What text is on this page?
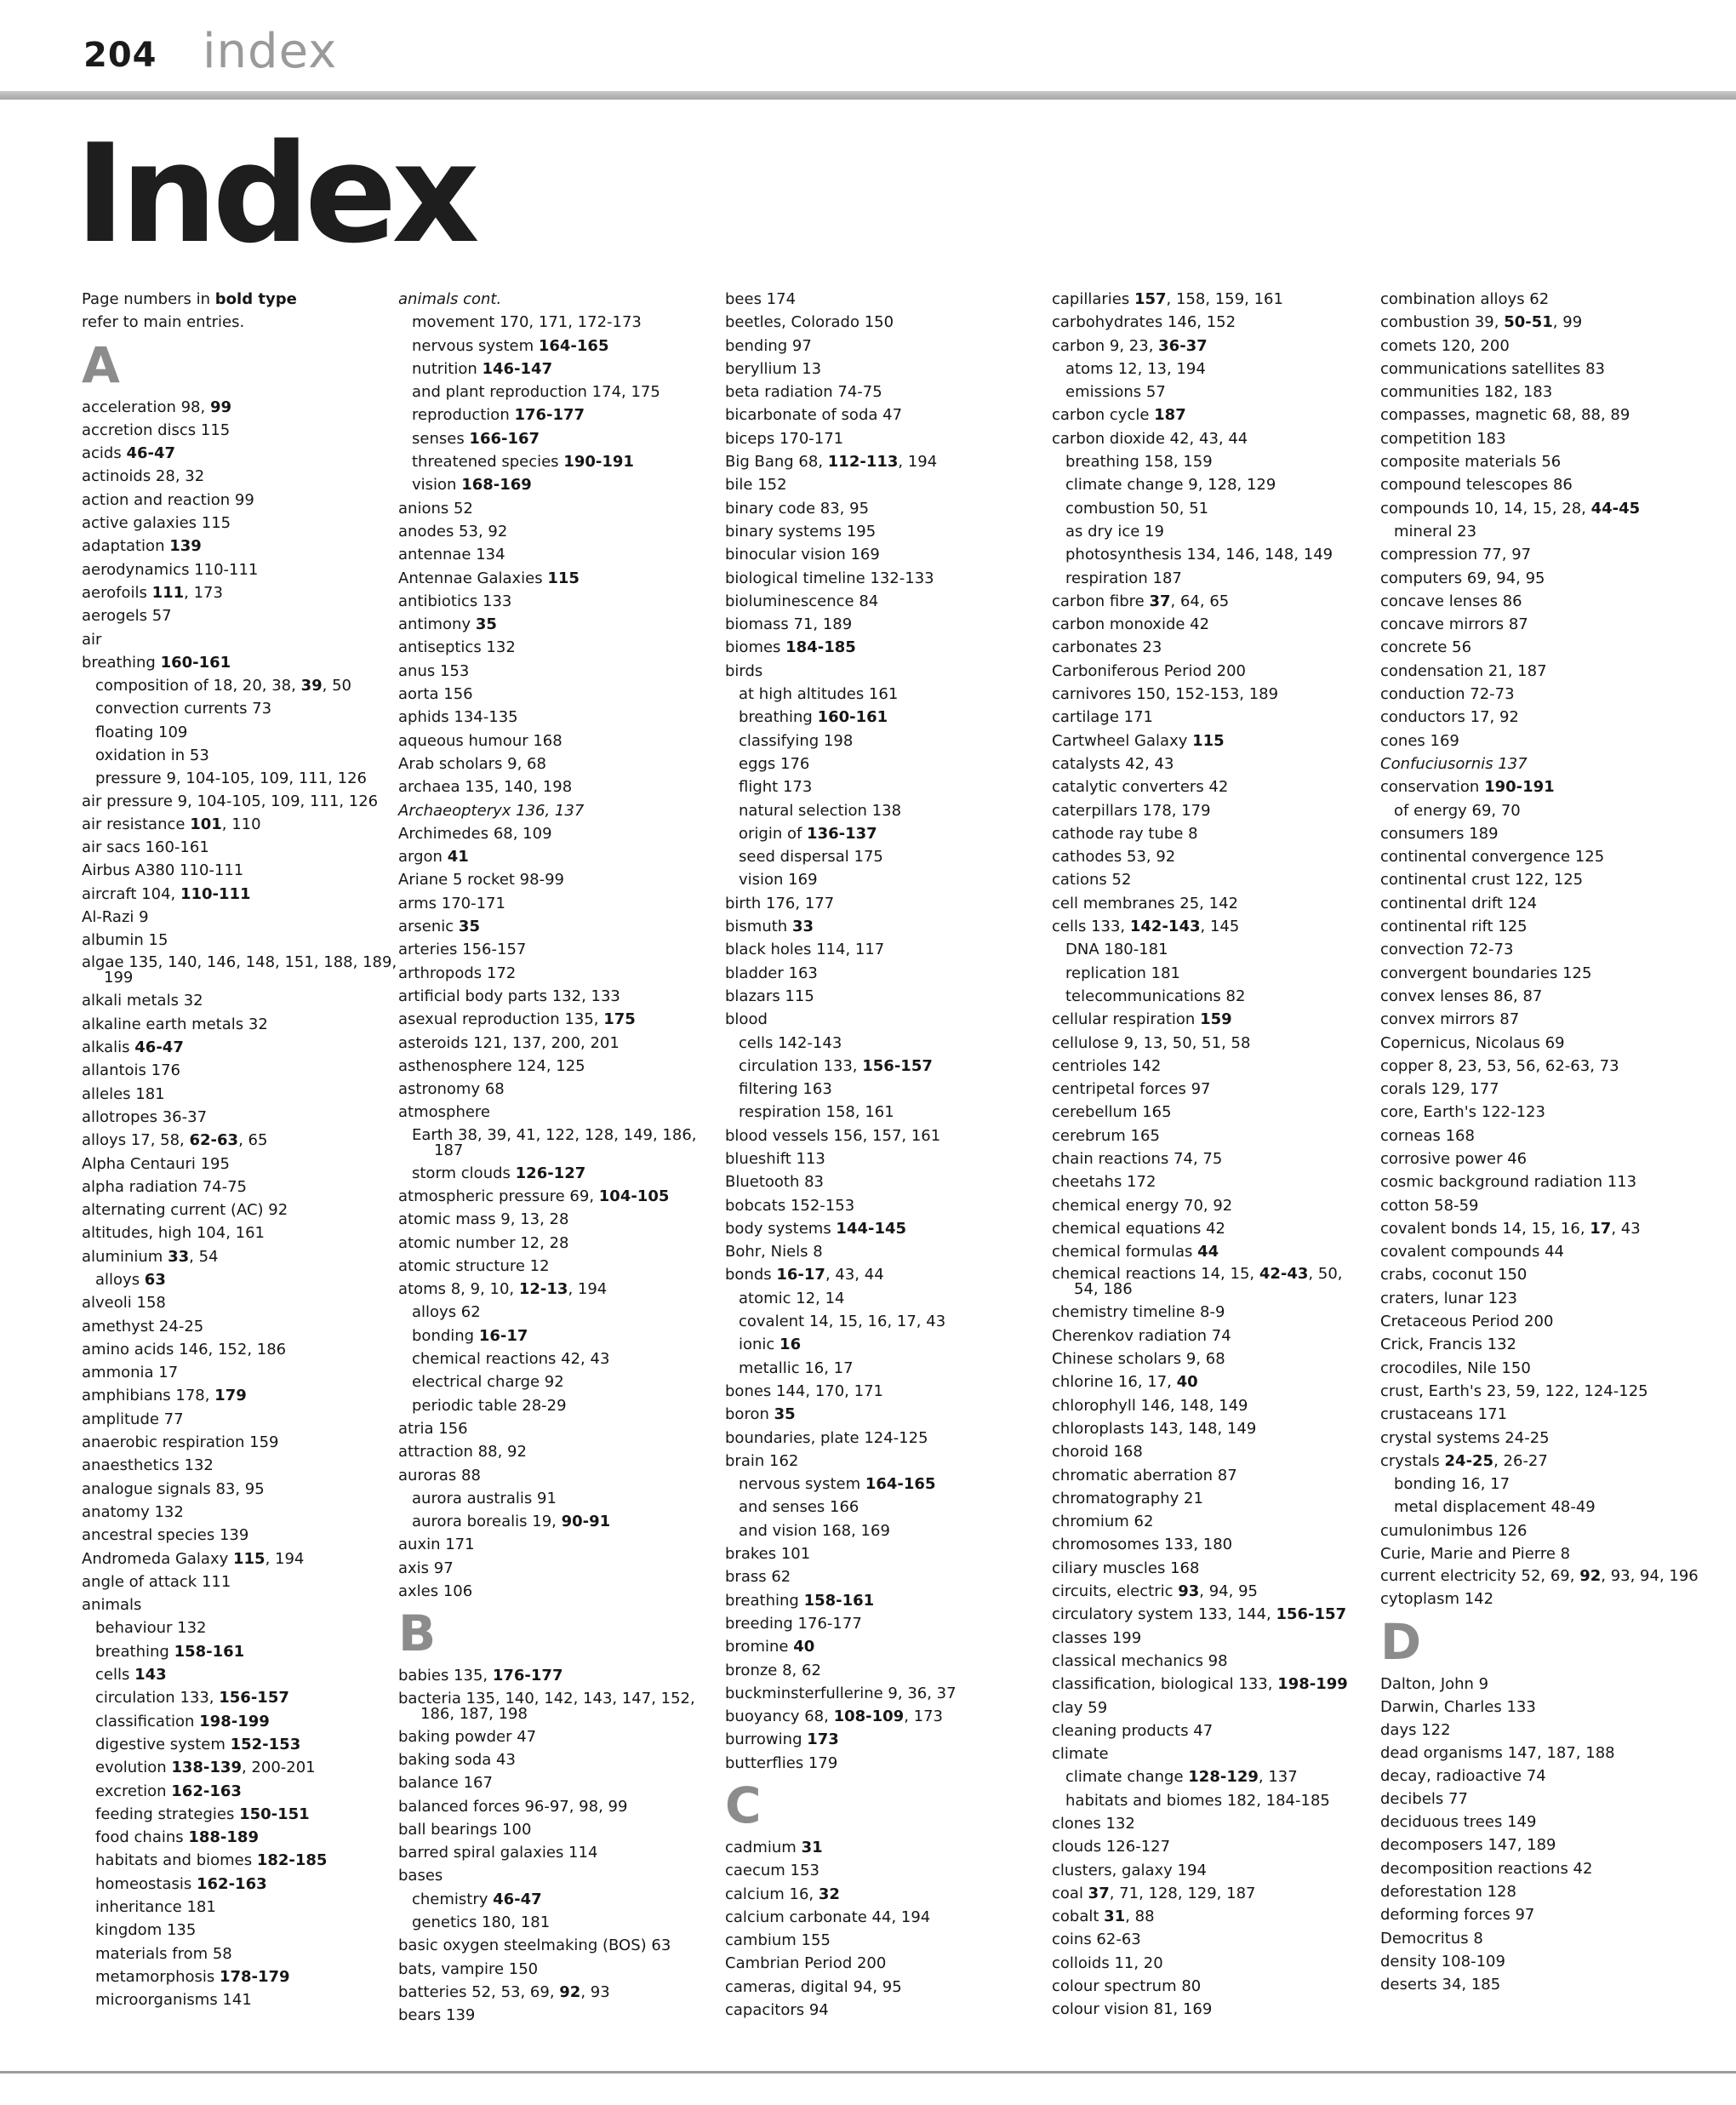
204 index
Index
Page numbers in bold type
refer to main entries.
A
acceleration 98, 99
accretion discs 115
acids 46-47
actinoids 28, 32
action and reaction 99
active galaxies 115
adaptation 139
aerodynamics 110-111
aerofoils 111, 173
aerogels 57
air
breathing 160-161
composition of 18, 20, 38, 39, 50
convection currents 73
floating 109
oxidation in 53
pressure 9, 104-105, 109, 111, 126
air pressure 9, 104-105, 109, 111, 126
air resistance 101, 110
air sacs 160-161
Airbus A380 110-111
aircraft 104, 110-111
Al-Razi 9
albumin 15
algae 135, 140, 146, 148, 151, 188, 189, 199
alkali metals 32
alkaline earth metals 32
alkalis 46-47
allantois 176
alleles 181
allotropes 36-37
alloys 17, 58, 62-63, 65
Alpha Centauri 195
alpha radiation 74-75
alternating current (AC) 92
altitudes, high 104, 161
aluminium 33, 54
alloys 63
alveoli 158
amethyst 24-25
amino acids 146, 152, 186
ammonia 17
amphibians 178, 179
amplitude 77
anaerobic respiration 159
anaesthetics 132
analogue signals 83, 95
anatomy 132
ancestral species 139
Andromeda Galaxy 115, 194
angle of attack 111
animals
behaviour 132
breathing 158-161
cells 143
circulation 133, 156-157
classification 198-199
digestive system 152-153
evolution 138-139, 200-201
excretion 162-163
feeding strategies 150-151
food chains 188-189
habitats and biomes 182-185
homeostasis 162-163
inheritance 181
kingdom 135
materials from 58
metamorphosis 178-179
microorganisms 141
animals cont.
movement 170, 171, 172-173
nervous system 164-165
nutrition 146-147
and plant reproduction 174, 175
reproduction 176-177
senses 166-167
threatened species 190-191
vision 168-169
anions 52
anodes 53, 92
antennae 134
Antennae Galaxies 115
antibiotics 133
antimony 35
antiseptics 132
anus 153
aorta 156
aphids 134-135
aqueous humour 168
Arab scholars 9, 68
archaea 135, 140, 198
Archaeopteryx 136, 137
Archimedes 68, 109
argon 41
Ariane 5 rocket 98-99
arms 170-171
arsenic 35
arteries 156-157
arthropods 172
artificial body parts 132, 133
asexual reproduction 135, 175
asteroids 121, 137, 200, 201
asthenosphere 124, 125
astronomy 68
atmosphere
Earth 38, 39, 41, 122, 128, 149, 186, 187
storm clouds 126-127
atmospheric pressure 69, 104-105
atomic mass 9, 13, 28
atomic number 12, 28
atomic structure 12
atoms 8, 9, 10, 12-13, 194
alloys 62
bonding 16-17
chemical reactions 42, 43
electrical charge 92
periodic table 28-29
atria 156
attraction 88, 92
auroras 88
aurora australis 91
aurora borealis 19, 90-91
auxin 171
axis 97
axles 106
B
babies 135, 176-177
bacteria 135, 140, 142, 143, 147, 152, 186, 187, 198
baking powder 47
baking soda 43
balance 167
balanced forces 96-97, 98, 99
ball bearings 100
barred spiral galaxies 114
bases
chemistry 46-47
genetics 180, 181
basic oxygen steelmaking (BOS) 63
bats, vampire 150
batteries 52, 53, 69, 92, 93
bears 139
bees 174
beetles, Colorado 150
bending 97
beryllium 13
beta radiation 74-75
bicarbonate of soda 47
biceps 170-171
Big Bang 68, 112-113, 194
bile 152
binary code 83, 95
binary systems 195
binocular vision 169
biological timeline 132-133
bioluminescence 84
biomass 71, 189
biomes 184-185
birds
at high altitudes 161
breathing 160-161
classifying 198
eggs 176
flight 173
natural selection 138
origin of 136-137
seed dispersal 175
vision 169
birth 176, 177
bismuth 33
black holes 114, 117
bladder 163
blazars 115
blood
cells 142-143
circulation 133, 156-157
filtering 163
respiration 158, 161
blood vessels 156, 157, 161
blueshift 113
Bluetooth 83
bobcats 152-153
body systems 144-145
Bohr, Niels 8
bonds 16-17, 43, 44
atomic 12, 14
covalent 14, 15, 16, 17, 43
ionic 16
metallic 16, 17
bones 144, 170, 171
boron 35
boundaries, plate 124-125
brain 162
nervous system 164-165
and senses 166
and vision 168, 169
brakes 101
brass 62
breathing 158-161
breeding 176-177
bromine 40
bronze 8, 62
buckminsterfullerine 9, 36, 37
buoyancy 68, 108-109, 173
burrowing 173
butterflies 179
C
cadmium 31
caecum 153
calcium 16, 32
calcium carbonate 44, 194
cambium 155
Cambrian Period 200
cameras, digital 94, 95
capacitors 94
capillaries 157, 158, 159, 161
carbohydrates 146, 152
carbon 9, 23, 36-37
atoms 12, 13, 194
emissions 57
carbon cycle 187
carbon dioxide 42, 43, 44
breathing 158, 159
climate change 9, 128, 129
combustion 50, 51
as dry ice 19
photosynthesis 134, 146, 148, 149
respiration 187
carbon fibre 37, 64, 65
carbon monoxide 42
carbonates 23
Carboniferous Period 200
carnivores 150, 152-153, 189
cartilage 171
Cartwheel Galaxy 115
catalysts 42, 43
catalytic converters 42
caterpillars 178, 179
cathode ray tube 8
cathodes 53, 92
cations 52
cell membranes 25, 142
cells 133, 142-143, 145
DNA 180-181
replication 181
telecommunications 82
cellular respiration 159
cellulose 9, 13, 50, 51, 58
centrioles 142
centripetal forces 97
cerebellum 165
cerebrum 165
chain reactions 74, 75
cheetahs 172
chemical energy 70, 92
chemical equations 42
chemical formulas 44
chemical reactions 14, 15, 42-43, 50, 54, 186
chemistry timeline 8-9
Cherenkov radiation 74
Chinese scholars 9, 68
chlorine 16, 17, 40
chlorophyll 146, 148, 149
chloroplasts 143, 148, 149
choroid 168
chromatic aberration 87
chromatography 21
chromium 62
chromosomes 133, 180
ciliary muscles 168
circuits, electric 93, 94, 95
circulatory system 133, 144, 156-157
classes 199
classical mechanics 98
classification, biological 133, 198-199
clay 59
cleaning products 47
climate
climate change 128-129, 137
habitats and biomes 182, 184-185
clones 132
clouds 126-127
clusters, galaxy 194
coal 37, 71, 128, 129, 187
cobalt 31, 88
coins 62-63
colloids 11, 20
colour spectrum 80
colour vision 81, 169
combination alloys 62
combustion 39, 50-51, 99
comets 120, 200
communications satellites 83
communities 182, 183
compasses, magnetic 68, 88, 89
competition 183
composite materials 56
compound telescopes 86
compounds 10, 14, 15, 28, 44-45
mineral 23
compression 77, 97
computers 69, 94, 95
concave lenses 86
concave mirrors 87
concrete 56
condensation 21, 187
conduction 72-73
conductors 17, 92
cones 169
Confuciusornis 137
conservation 190-191
of energy 69, 70
consumers 189
continental convergence 125
continental crust 122, 125
continental drift 124
continental rift 125
convection 72-73
convergent boundaries 125
convex lenses 86, 87
convex mirrors 87
Copernicus, Nicolaus 69
copper 8, 23, 53, 56, 62-63, 73
corals 129, 177
core, Earth's 122-123
corneas 168
corrosive power 46
cosmic background radiation 113
cotton 58-59
covalent bonds 14, 15, 16, 17, 43
covalent compounds 44
crabs, coconut 150
craters, lunar 123
Cretaceous Period 200
Crick, Francis 132
crocodiles, Nile 150
crust, Earth's 23, 59, 122, 124-125
crustaceans 171
crystal systems 24-25
crystals 24-25, 26-27
bonding 16, 17
metal displacement 48-49
cumulonimbus 126
Curie, Marie and Pierre 8
current electricity 52, 69, 92, 93, 94, 196
cytoplasm 142
D
Dalton, John 9
Darwin, Charles 133
days 122
dead organisms 147, 187, 188
decay, radioactive 74
decibels 77
deciduous trees 149
decomposers 147, 189
decomposition reactions 42
deforestation 128
deforming forces 97
Democritus 8
density 108-109
deserts 34, 185
